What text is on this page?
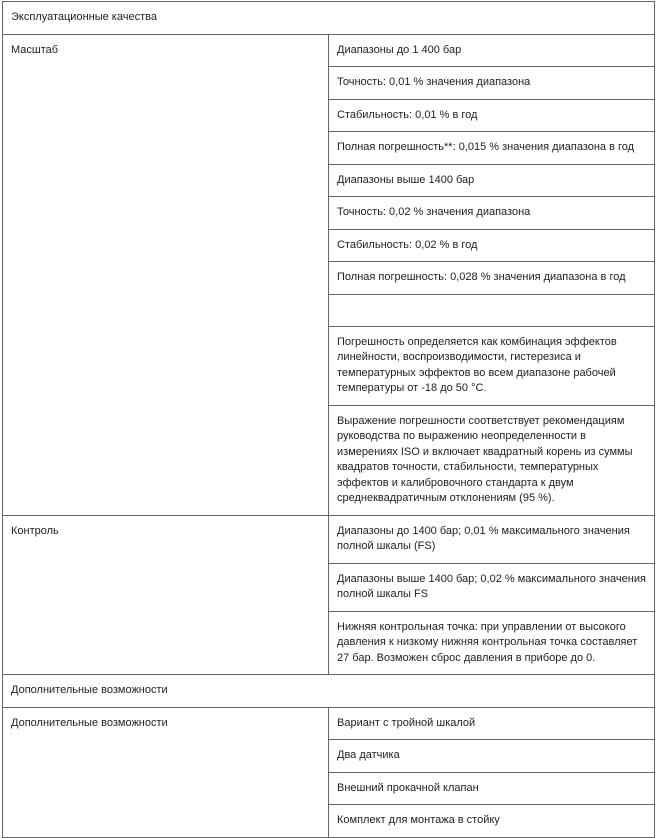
Эксплуатационные качества	
Масштаб	Диапазоны до 1 400 бар
	Точность: 0,01 % значения диапазона
	Стабильность: 0,01 % в год
	Полная погрешность**: 0,015 % значения диапазона в год
	Диапазоны выше 1400 бар
	Точность: 0,02 % значения диапазона
	Стабильность: 0,02 % в год
	Полная погрешность: 0,028 % значения диапазона в год

	Погрешность определяется как комбинация эффектов линейности, воспроизводимости, гистерезиса и температурных эффектов во всем диапазоне рабочей температуры от -18 до 50 °C.
	Выражение погрешности соответствует рекомендациям руководства по выражению неопределенности в измерениях ISO и включает квадратный корень из суммы квадратов точности, стабильности, температурных эффектов и калибровочного стандарта к двум среднеквадратичным отклонениям (95 %).
Контроль	Диапазоны до 1400 бар; 0,01 % максимального значения полной шкалы (FS)
	Диапазоны выше 1400 бар; 0,02 % максимального значения полной шкалы FS
	Нижняя контрольная точка: при управлении от высокого давления к низкому нижняя контрольная точка составляет 27 бар. Возможен сброс давления в приборе до 0.
Дополнительные возможности	
Дополнительные возможности	Вариант с тройной шкалой
	Два датчика
	Внешний прокачной клапан
	Комплект для монтажа в стойку
